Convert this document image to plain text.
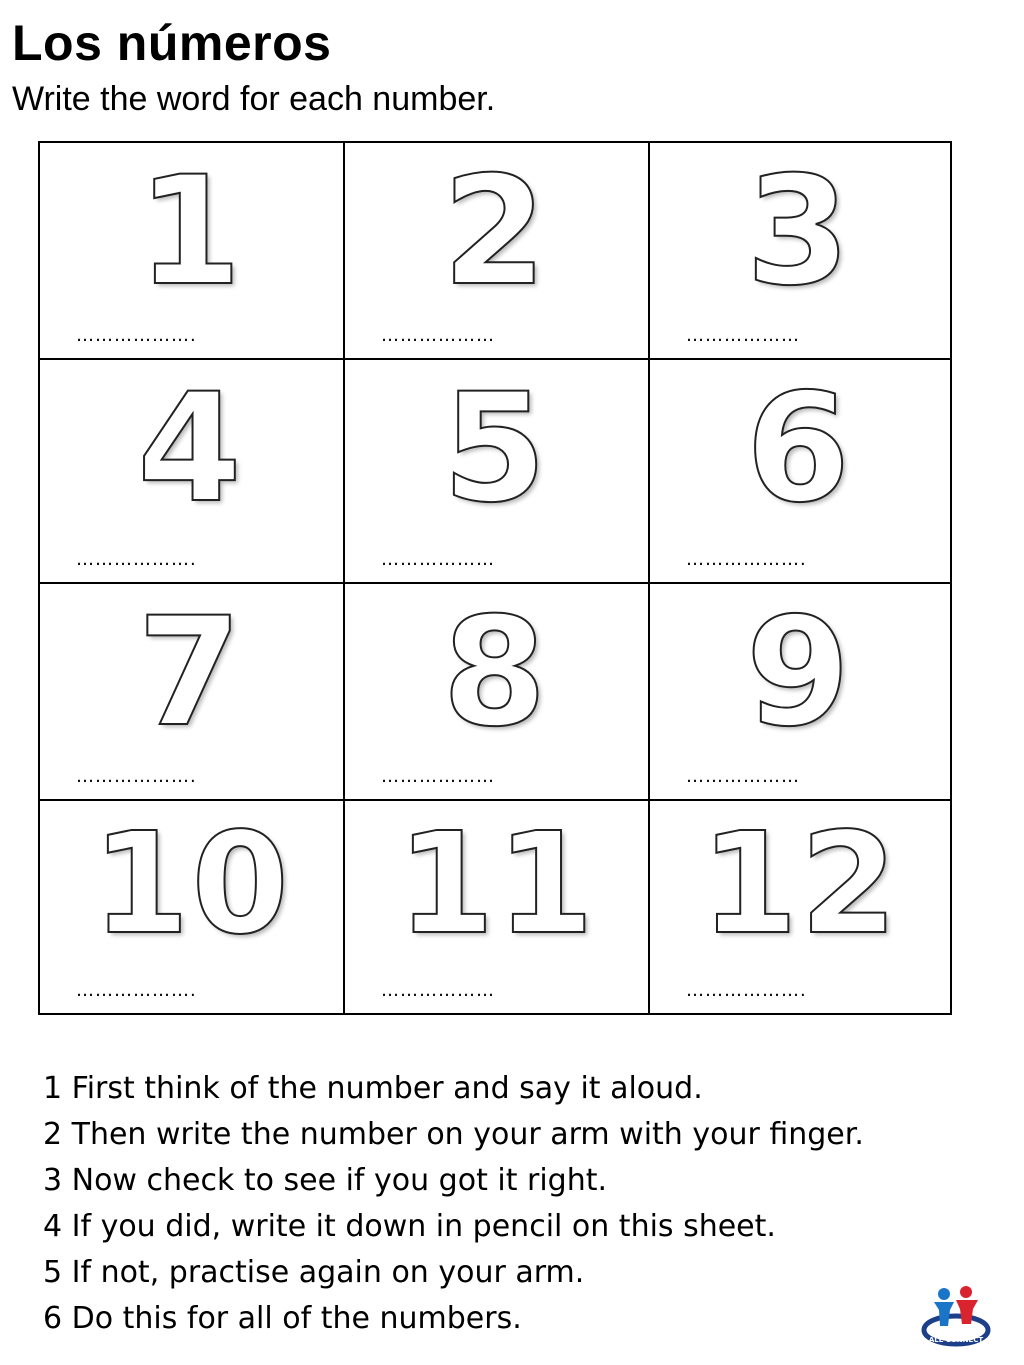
Los números
Write the word for each number.
1
……………….
2
………………
3
………………
4
……………….
5
………………
6
……………….
7
……………….
8
………………
9
………………
10
……………….
11
………………
12
……………….
1 First think of the number and say it aloud.
2 Then write the number on your arm with your finger.
3 Now check to see if you got it right.
4 If you did, write it down in pencil on this sheet.
5 If not, practise again on your arm.
6 Do this for all of the numbers.
ALL CONNECT
